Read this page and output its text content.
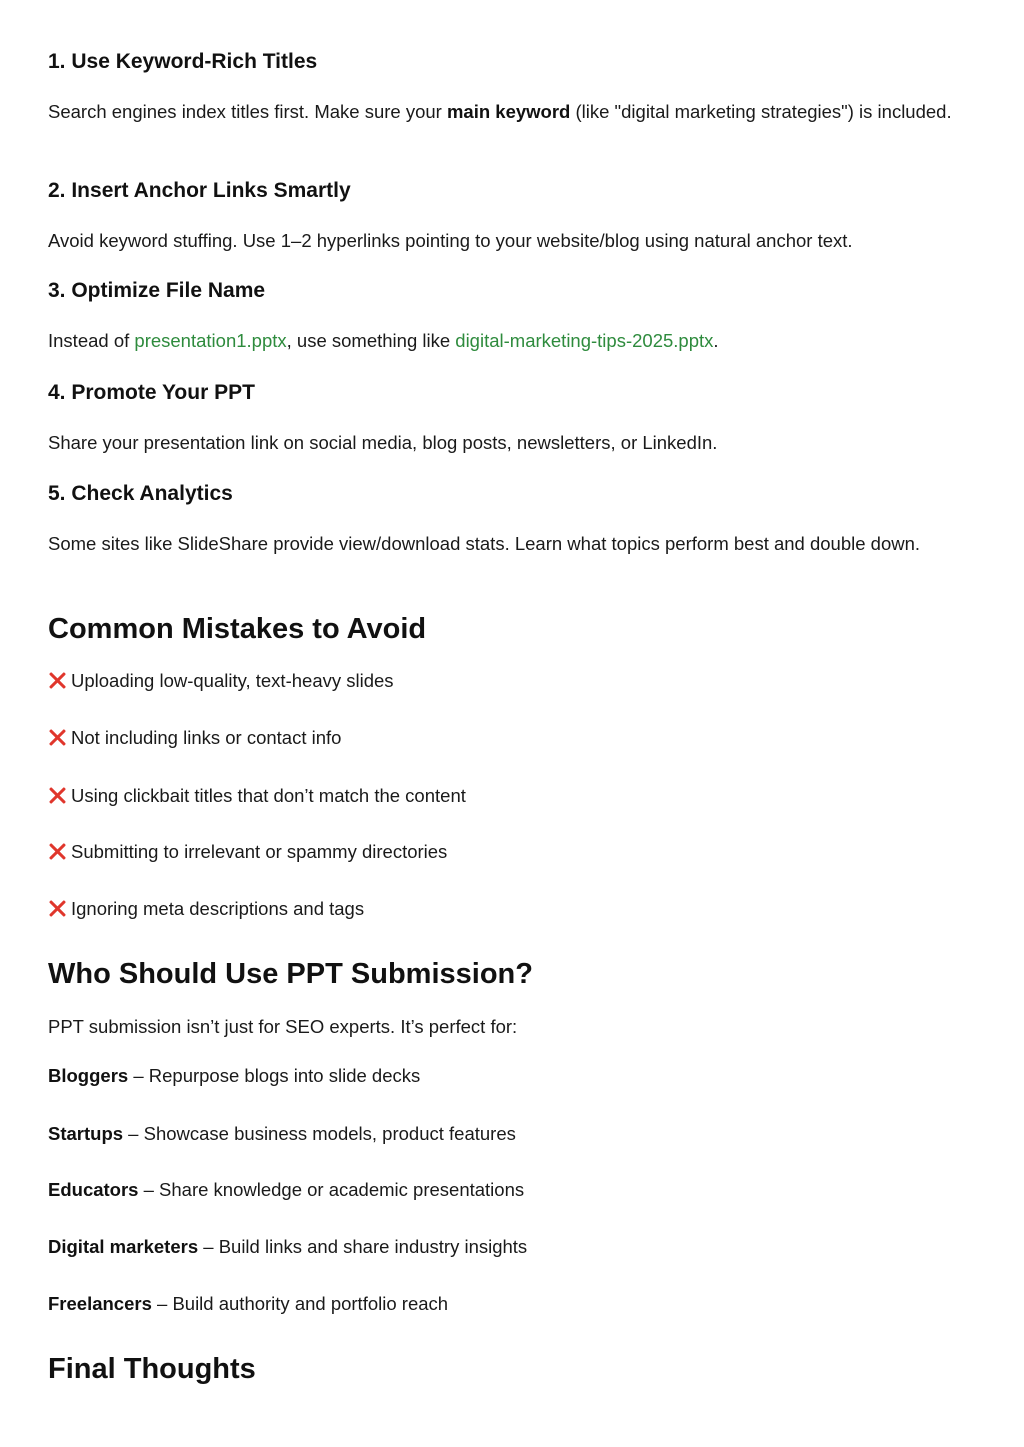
1. Use Keyword-Rich Titles

Search engines index titles first. Make sure your main keyword (like "digital marketing strategies") is included.

2. Insert Anchor Links Smartly

Avoid keyword stuffing. Use 1–2 hyperlinks pointing to your website/blog using natural anchor text.

3. Optimize File Name

Instead of presentation1.pptx, use something like digital-marketing-tips-2025.pptx.

4. Promote Your PPT

Share your presentation link on social media, blog posts, newsletters, or LinkedIn.

5. Check Analytics

Some sites like SlideShare provide view/download stats. Learn what topics perform best and double down.

Common Mistakes to Avoid
Uploading low-quality, text-heavy slides
Not including links or contact info
Using clickbait titles that don’t match the content
Submitting to irrelevant or spammy directories
Ignoring meta descriptions and tags
Who Should Use PPT Submission?

PPT submission isn’t just for SEO experts. It’s perfect for:

Bloggers – Repurpose blogs into slide decks
Startups – Showcase business models, product features
Educators – Share knowledge or academic presentations
Digital marketers – Build links and share industry insights
Freelancers – Build authority and portfolio reach
Final Thoughts
